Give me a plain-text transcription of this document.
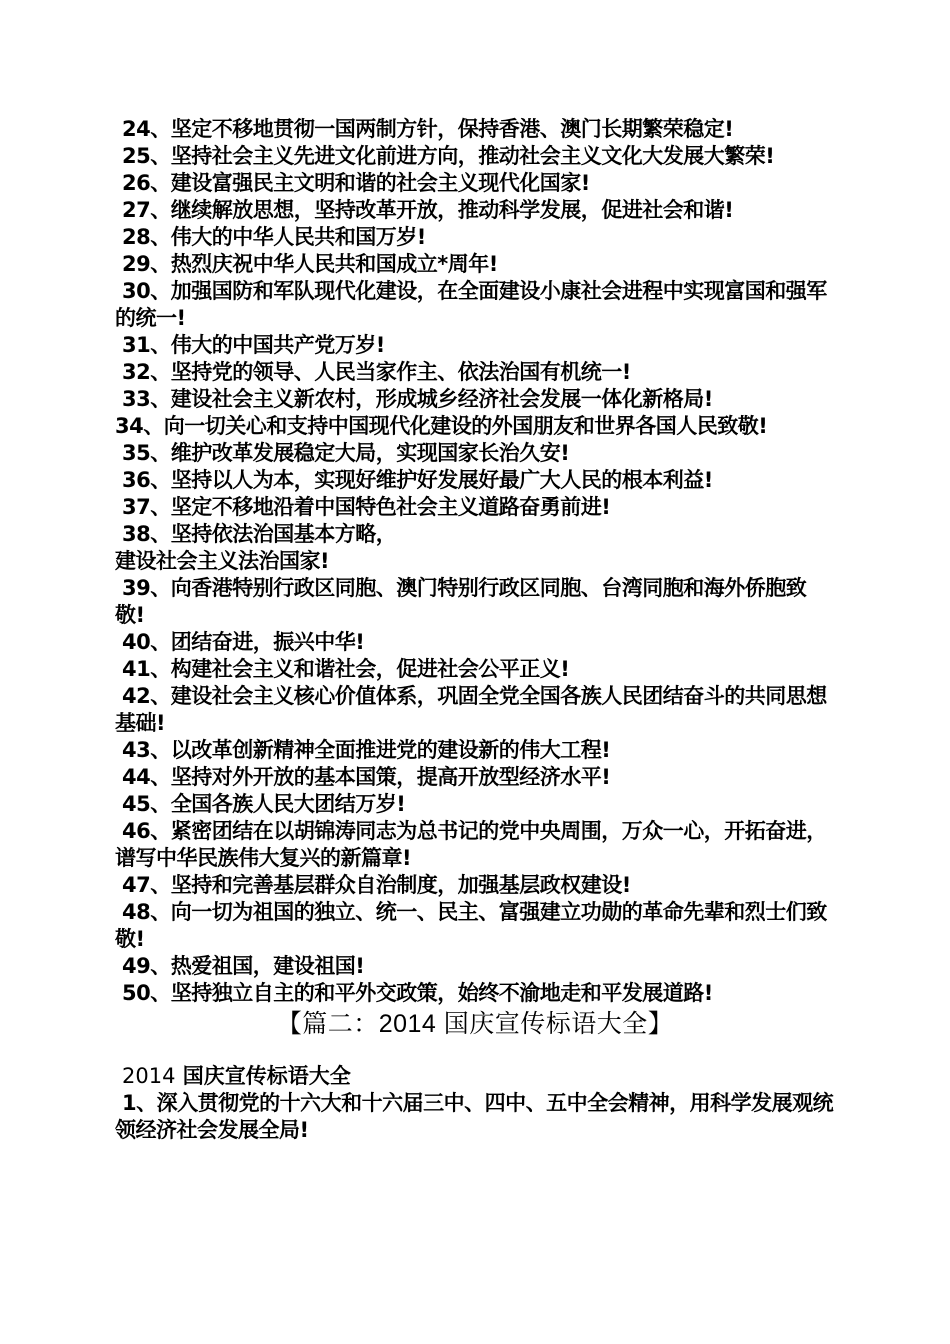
24、坚定不移地贯彻一国两制方针，保持香港、澳门长期繁荣稳定!

25、坚持社会主义先进文化前进方向，推动社会主义文化大发展大繁荣!

26、建设富强民主文明和谐的社会主义现代化国家!

27、继续解放思想，坚持改革开放，推动科学发展，促进社会和谐!

28、伟大的中华人民共和国万岁!

29、热烈庆祝中华人民共和国成立*周年!

30、加强国防和军队现代化建设，在全面建设小康社会进程中实现富国和强军的统一!

31、伟大的中国共产党万岁!

32、坚持党的领导、人民当家作主、依法治国有机统一!

33、建设社会主义新农村，形成城乡经济社会发展一体化新格局!

34、向一切关心和支持中国现代化建设的外国朋友和世界各国人民致敬!

35、维护改革发展稳定大局，实现国家长治久安!

36、坚持以人为本，实现好维护好发展好最广大人民的根本利益!

37、坚定不移地沿着中国特色社会主义道路奋勇前进!

38、坚持依法治国基本方略，

建设社会主义法治国家!

39、向香港特别行政区同胞、澳门特别行政区同胞、台湾同胞和海外侨胞致敬!

40、团结奋进，振兴中华!

41、构建社会主义和谐社会，促进社会公平正义!

42、建设社会主义核心价值体系，巩固全党全国各族人民团结奋斗的共同思想基础!

43、以改革创新精神全面推进党的建设新的伟大工程!

44、坚持对外开放的基本国策，提高开放型经济水平!

45、全国各族人民大团结万岁!

46、紧密团结在以胡锦涛同志为总书记的党中央周围，万众一心，开拓奋进，谱写中华民族伟大复兴的新篇章!

47、坚持和完善基层群众自治制度，加强基层政权建设!

48、向一切为祖国的独立、统一、民主、富强建立功勋的革命先辈和烈士们致敬!

49、热爱祖国，建设祖国!

50、坚持独立自主的和平外交政策，始终不渝地走和平发展道路!

【篇二：2014 国庆宣传标语大全】

2014 国庆宣传标语大全

1、深入贯彻党的十六大和十六届三中、四中、五中全会精神，用科学发展观统领经济社会发展全局!
